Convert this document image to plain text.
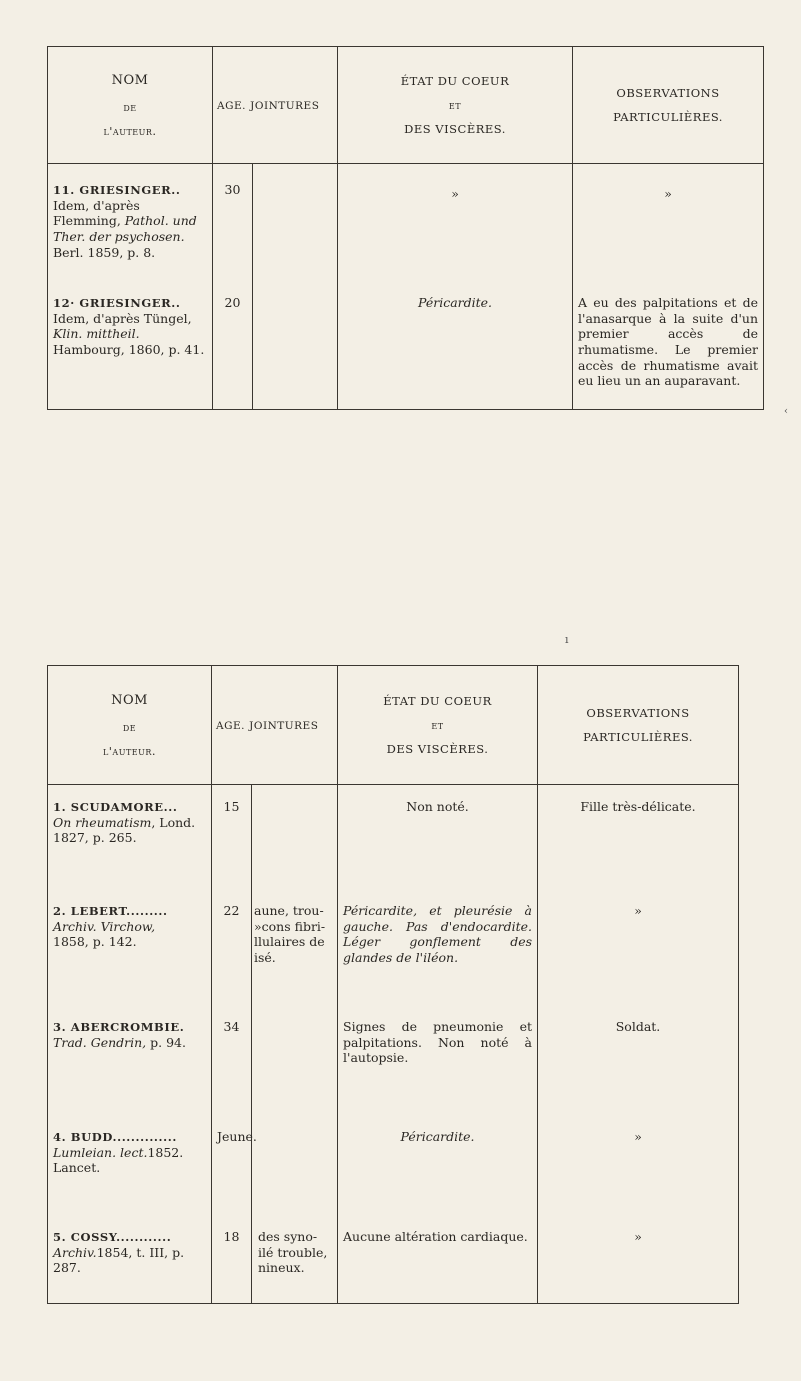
NOM
de
l'auteur.	AGE. JOINTURES		ÉTAT DU COEUR
et
DES VISCÈRES.	OBSERVATIONS
PARTICULIÈRES.
11. GRIESINGER.. Idem, d'après Flemming, Pathol. und Ther. der psychosen. Berl. 1859, p. 8.	30		»	»
12· GRIESINGER.. Idem, d'après Tüngel, Klin. mittheil. Hambourg, 1860, p. 41.	20		Péricardite.	A eu des palpitations et de l'anasarque à la suite d'un premier accès de rhumatisme. Le premier accès de rhumatisme avait eu lieu un an auparavant.
ı
‹
NOM
de
l'auteur.	AGE. JOINTURES		ÉTAT DU COEUR
et
DES VISCÈRES.	OBSERVATIONS
PARTICULIÈRES.
1. SCUDAMORE...
On rheumatism, Lond. 1827, p. 265.	15		Non noté.	Fille très-délicate.
2. LEBERT.........
Archiv. Virchow,
1858, p. 142.	22	aune, trou-
»cons fibri-
llulaires de
isé.	Péricardite, et pleurésie à gauche. Pas d'endocardite. Léger gonflement des glandes de l'iléon.	»
3. ABERCROMBIE.
Trad. Gendrin, p. 94.	34		Signes de pneumonie et palpitations. Non noté à l'autopsie.	Soldat.
4. BUDD..............
Lumleian. lect.1852. Lancet.	Jeune.		Péricardite.	»
5. COSSY............
Archiv.1854, t. III, p. 287.	18	des syno-
ilé trouble,
nineux.	Aucune altération cardiaque.	»
